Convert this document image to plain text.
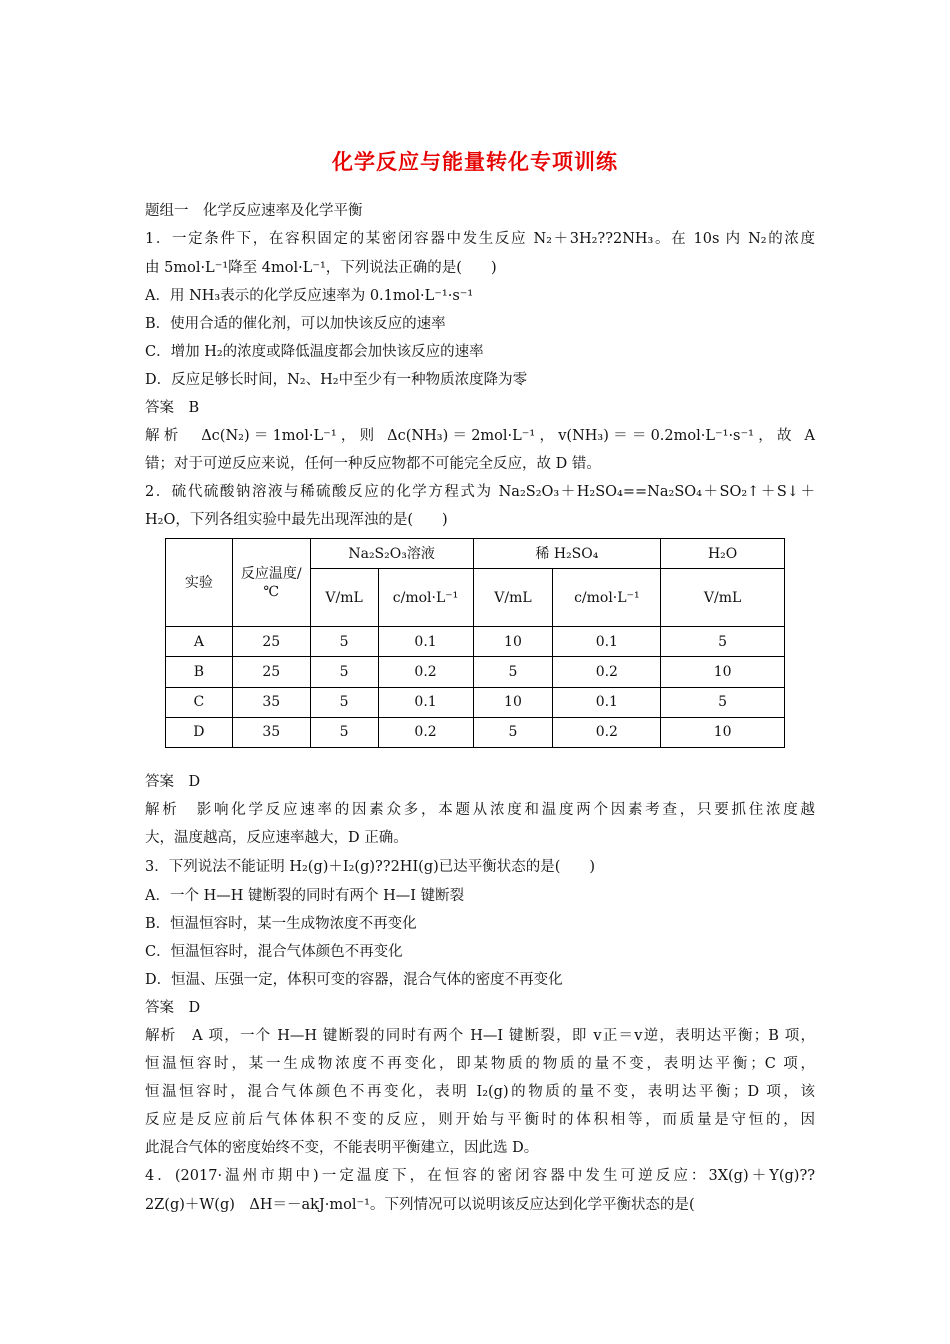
化学反应与能量转化专项训练
题组一　化学反应速率及化学平衡
1．一定条件下，在容积固定的某密闭容器中发生反应 N₂＋3H₂??2NH₃。在 10s 内 N₂的浓度
由 5mol·L⁻¹降至 4mol·L⁻¹，下列说法正确的是(　　)
A．用 NH₃表示的化学反应速率为 0.1mol·L⁻¹·s⁻¹
B．使用合适的催化剂，可以加快该反应的速率
C．增加 H₂的浓度或降低温度都会加快该反应的速率
D．反应足够长时间，N₂、H₂中至少有一种物质浓度降为零
答案　B
解析　Δc(N₂)＝1mol·L⁻¹，则 Δc(NH₃)＝2mol·L⁻¹，v(NH₃)＝＝0.2mol·L⁻¹·s⁻¹，故 A
错；对于可逆反应来说，任何一种反应物都不可能完全反应，故 D 错。
2．硫代硫酸钠溶液与稀硫酸反应的化学方程式为 Na₂S₂O₃＋H₂SO₄==Na₂SO₄＋SO₂↑＋S↓＋
H₂O，下列各组实验中最先出现浑浊的是(　　)
实验	反应温度/℃	Na₂S₂O₃溶液		稀 H₂SO₄		H₂O
		V/mL	c/mol·L⁻¹	V/mL	c/mol·L⁻¹	V/mL
A	25	5	0.1	10	0.1	5
B	25	5	0.2	5	0.2	10
C	35	5	0.1	10	0.1	5
D	35	5	0.2	5	0.2	10
答案　D
解析　影响化学反应速率的因素众多，本题从浓度和温度两个因素考查，只要抓住浓度越
大，温度越高，反应速率越大，D 正确。
3．下列说法不能证明 H₂(g)＋I₂(g)??2HI(g)已达平衡状态的是(　　)
A．一个 H—H 键断裂的同时有两个 H—I 键断裂
B．恒温恒容时，某一生成物浓度不再变化
C．恒温恒容时，混合气体颜色不再变化
D．恒温、压强一定，体积可变的容器，混合气体的密度不再变化
答案　D
解析　A 项，一个 H—H 键断裂的同时有两个 H—I 键断裂，即 v正＝v逆，表明达平衡；B 项，
恒温恒容时，某一生成物浓度不再变化，即某物质的物质的量不变，表明达平衡；C 项，
恒温恒容时，混合气体颜色不再变化，表明 I₂(g)的物质的量不变，表明达平衡；D 项，该
反应是反应前后气体体积不变的反应，则开始与平衡时的体积相等，而质量是守恒的，因
此混合气体的密度始终不变，不能表明平衡建立，因此选 D。
4．(2017·温州市期中)一定温度下，在恒容的密闭容器中发生可逆反应：3X(g)＋Y(g)??
2Z(g)＋W(g)　ΔH＝－akJ·mol⁻¹。下列情况可以说明该反应达到化学平衡状态的是(
